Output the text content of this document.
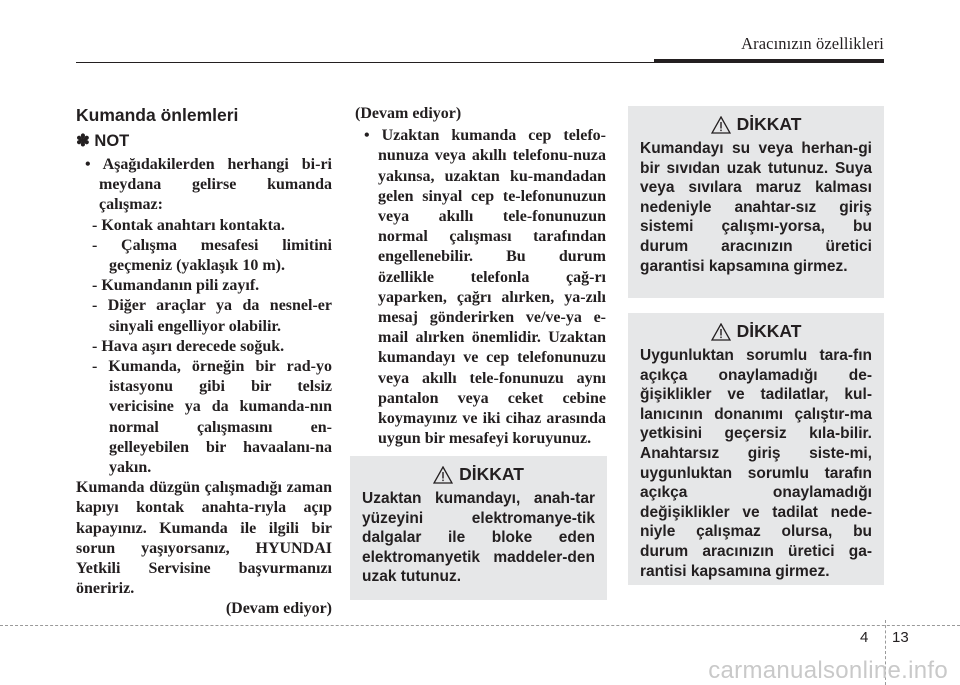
Aracınızın özellikleri
Kumanda önlemleri
✽ NOT
• Aşağıdakilerden herhangi bi-ri meydana gelirse kumanda çalışmaz:
- Kontak anahtarı kontakta.
- Çalışma mesafesi limitini geçmeniz (yaklaşık 10 m).
- Kumandanın pili zayıf.
- Diğer araçlar ya da nesnel-er sinyali engelliyor olabilir.
- Hava aşırı derecede soğuk.
- Kumanda, örneğin bir rad-yo istasyonu gibi bir telsiz vericisine ya da kumanda-nın normal çalışmasını en-gelleyebilen bir havaalanı-na yakın.
Kumanda düzgün çalışmadığı zaman kapıyı kontak anahta-rıyla açıp kapayınız. Kumanda ile ilgili bir sorun yaşıyorsanız, HYUNDAI Yetkili Servisine başvurmanızı öneririz.
(Devam ediyor)
(Devam ediyor)
• Uzaktan kumanda cep telefo-nunuza veya akıllı telefonu-nuza yakınsa, uzaktan ku-mandadan gelen sinyal cep te-lefonunuzun veya akıllı tele-fonunuzun normal çalışması tarafından engellenebilir. Bu durum özellikle telefonla çağ-rı yaparken, çağrı alırken, ya-zılı mesaj gönderirken ve/ve-ya e-mail alırken önemlidir. Uzaktan kumandayı ve cep telefonunuzu veya akıllı tele-fonunuzu aynı pantalon veya ceket cebine koymayınız ve iki cihaz arasında uygun bir mesafeyi koruyunuz.
DİKKAT
Kumandayı su veya herhan-gi bir sıvıdan uzak tutunuz. Suya veya sıvılara maruz kalması nedeniyle anahtar-sız giriş sistemi çalışmı-yorsa, bu durum aracınızın üretici garantisi kapsamına girmez.
DİKKAT
Uygunluktan sorumlu tara-fın açıkça onaylamadığı de-ğişiklikler ve tadilatlar, kul-lanıcının donanımı çalıştır-ma yetkisini geçersiz kıla-bilir. Anahtarsız giriş siste-mi, uygunluktan sorumlu tarafın açıkça onaylamadığı değişiklikler ve tadilat nede-niyle çalışmaz olursa, bu durum aracınızın üretici ga-rantisi kapsamına girmez.
DİKKAT
Uzaktan kumandayı, anah-tar yüzeyini elektromanye-tik dalgalar ile bloke eden elektromanyetik maddeler-den uzak tutunuz.
4 13
carmanualsonline.info
